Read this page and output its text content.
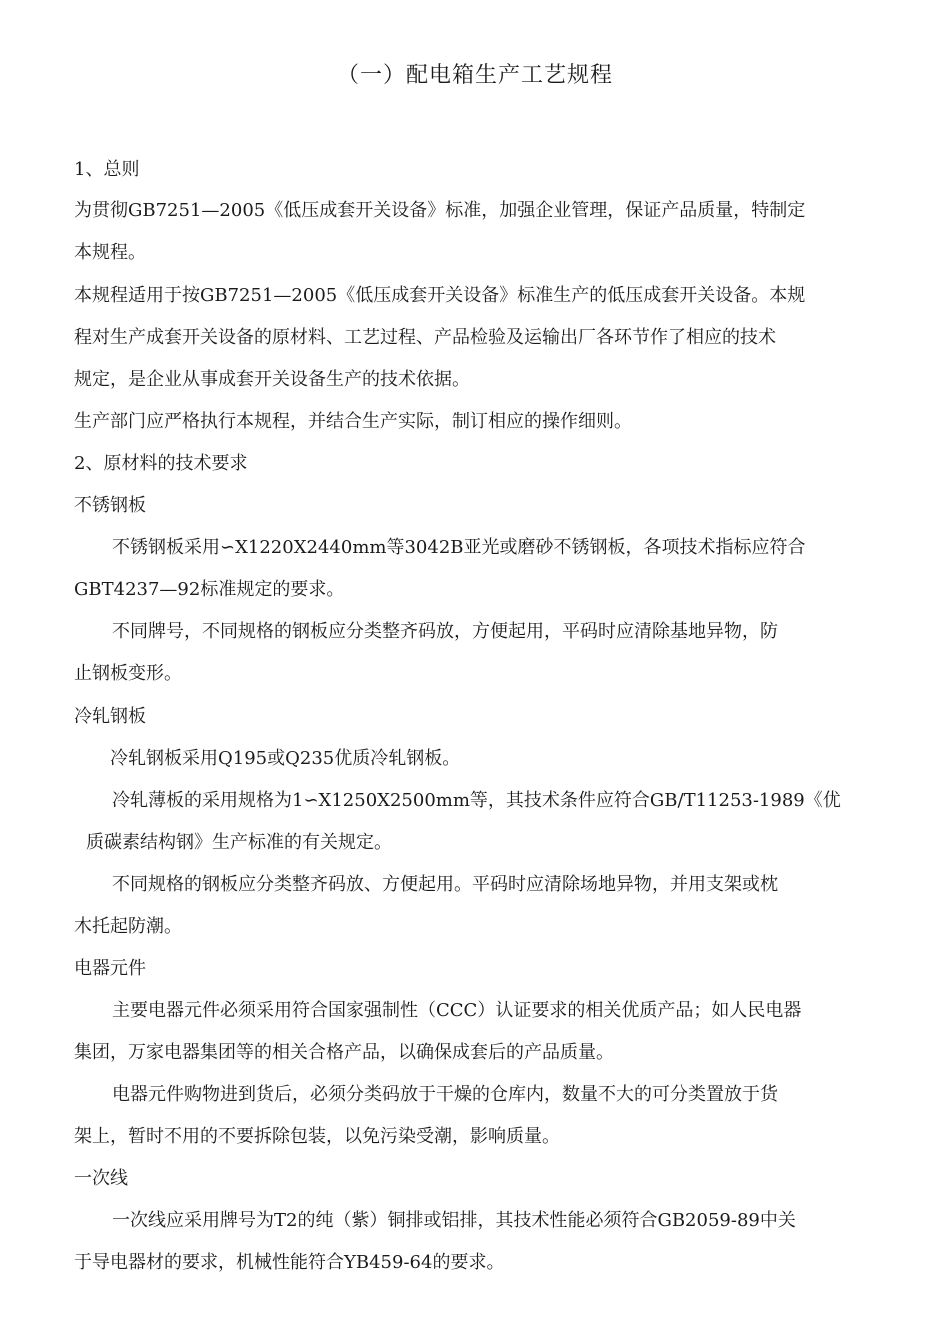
（一）配电箱生产工艺规程
1、总则
为贯彻GB7251—2005《低压成套开关设备》标准，加强企业管理，保证产品质量，特制定
本规程。
本规程适用于按GB7251—2005《低压成套开关设备》标准生产的低压成套开关设备。本规
程对生产成套开关设备的原材料、工艺过程、产品检验及运输出厂各环节作了相应的技术
规定，是企业从事成套开关设备生产的技术依据。
生产部门应严格执行本规程，并结合生产实际，制订相应的操作细则。
2、原材料的技术要求
不锈钢板
不锈钢板采用∽X1220X2440mm等3042B亚光或磨砂不锈钢板，各项技术指标应符合
GBT4237—92标准规定的要求。
不同牌号，不同规格的钢板应分类整齐码放，方便起用，平码时应清除基地异物，防
止钢板变形。
冷轧钢板
冷轧钢板采用Q195或Q235优质冷轧钢板。
冷轧薄板的采用规格为1∽X1250X2500mm等，其技术条件应符合GB/T11253-1989《优
质碳素结构钢》生产标准的有关规定。
不同规格的钢板应分类整齐码放、方便起用。平码时应清除场地异物，并用支架或枕
木托起防潮。
电器元件
主要电器元件必须采用符合国家强制性（CCC）认证要求的相关优质产品；如人民电器
集团，万家电器集团等的相关合格产品，以确保成套后的产品质量。
电器元件购物进到货后，必须分类码放于干燥的仓库内，数量不大的可分类置放于货
架上，暂时不用的不要拆除包装，以免污染受潮，影响质量。
一次线
一次线应采用牌号为T2的纯（紫）铜排或铝排，其技术性能必须符合GB2059-89中关
于导电器材的要求，机械性能符合YB459-64的要求。
